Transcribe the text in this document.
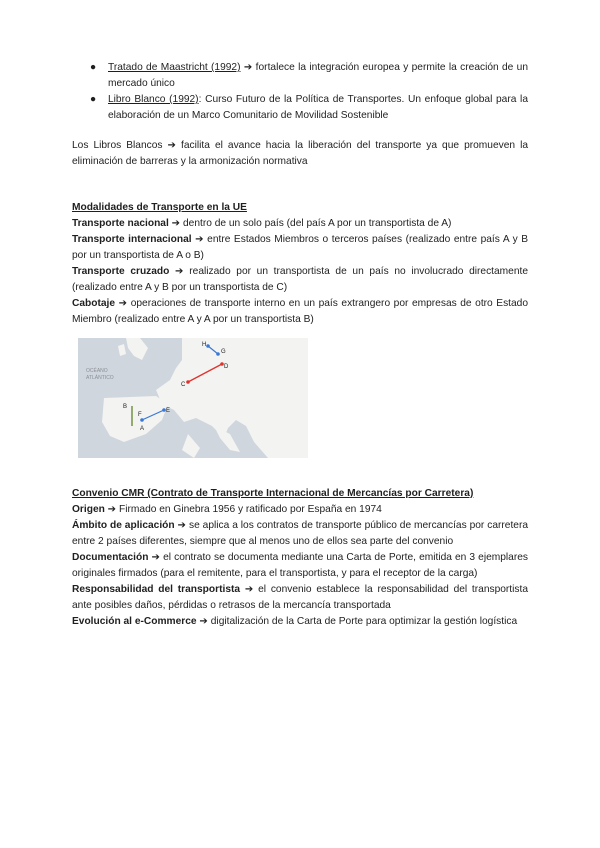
● Tratado de Maastricht (1992) ➔ fortalece la integración europea y permite la creación de un mercado único
● Libro Blanco (1992): Curso Futuro de la Política de Transportes. Un enfoque global para la elaboración de un Marco Comunitario de Movilidad Sostenible

Los Libros Blancos ➔ facilita el avance hacia la liberación del transporte ya que promueven la eliminación de barreras y la armonización normativa

Modalidades de Transporte en la UE

Transporte nacional ➔ dentro de un solo país (del país A por un transportista de A)

Transporte internacional ➔ entre Estados Miembros o terceros países (realizado entre país A y B por un transportista de A o B)

Transporte cruzado ➔ realizado por un transportista de un país no involucrado directamente (realizado entre A y B por un transportista de C)

Cabotaje ➔ operaciones de transporte interno en un país extrangero por empresas de otro Estado Miembro (realizado entre A y A por un transportista B)

OCÉANO
ATLÁNTICO
H
G
D
C
B
E
F
A
Convenio CMR (Contrato de Transporte Internacional de Mercancías por Carretera)

Origen ➔ Firmado en Ginebra 1956 y ratificado por España en 1974

Ámbito de aplicación ➔ se aplica a los contratos de transporte público de mercancías por carretera entre 2 países diferentes, siempre que al menos uno de ellos sea parte del convenio

Documentación ➔ el contrato se documenta mediante una Carta de Porte, emitida en 3 ejemplares originales firmados (para el remitente, para el transportista, y para el receptor de la carga)

Responsabilidad del transportista ➔ el convenio establece la responsabilidad del transportista ante posibles daños, pérdidas o retrasos de la mercancía transportada

Evolución al e-Commerce ➔ digitalización de la Carta de Porte para optimizar la gestión logística
